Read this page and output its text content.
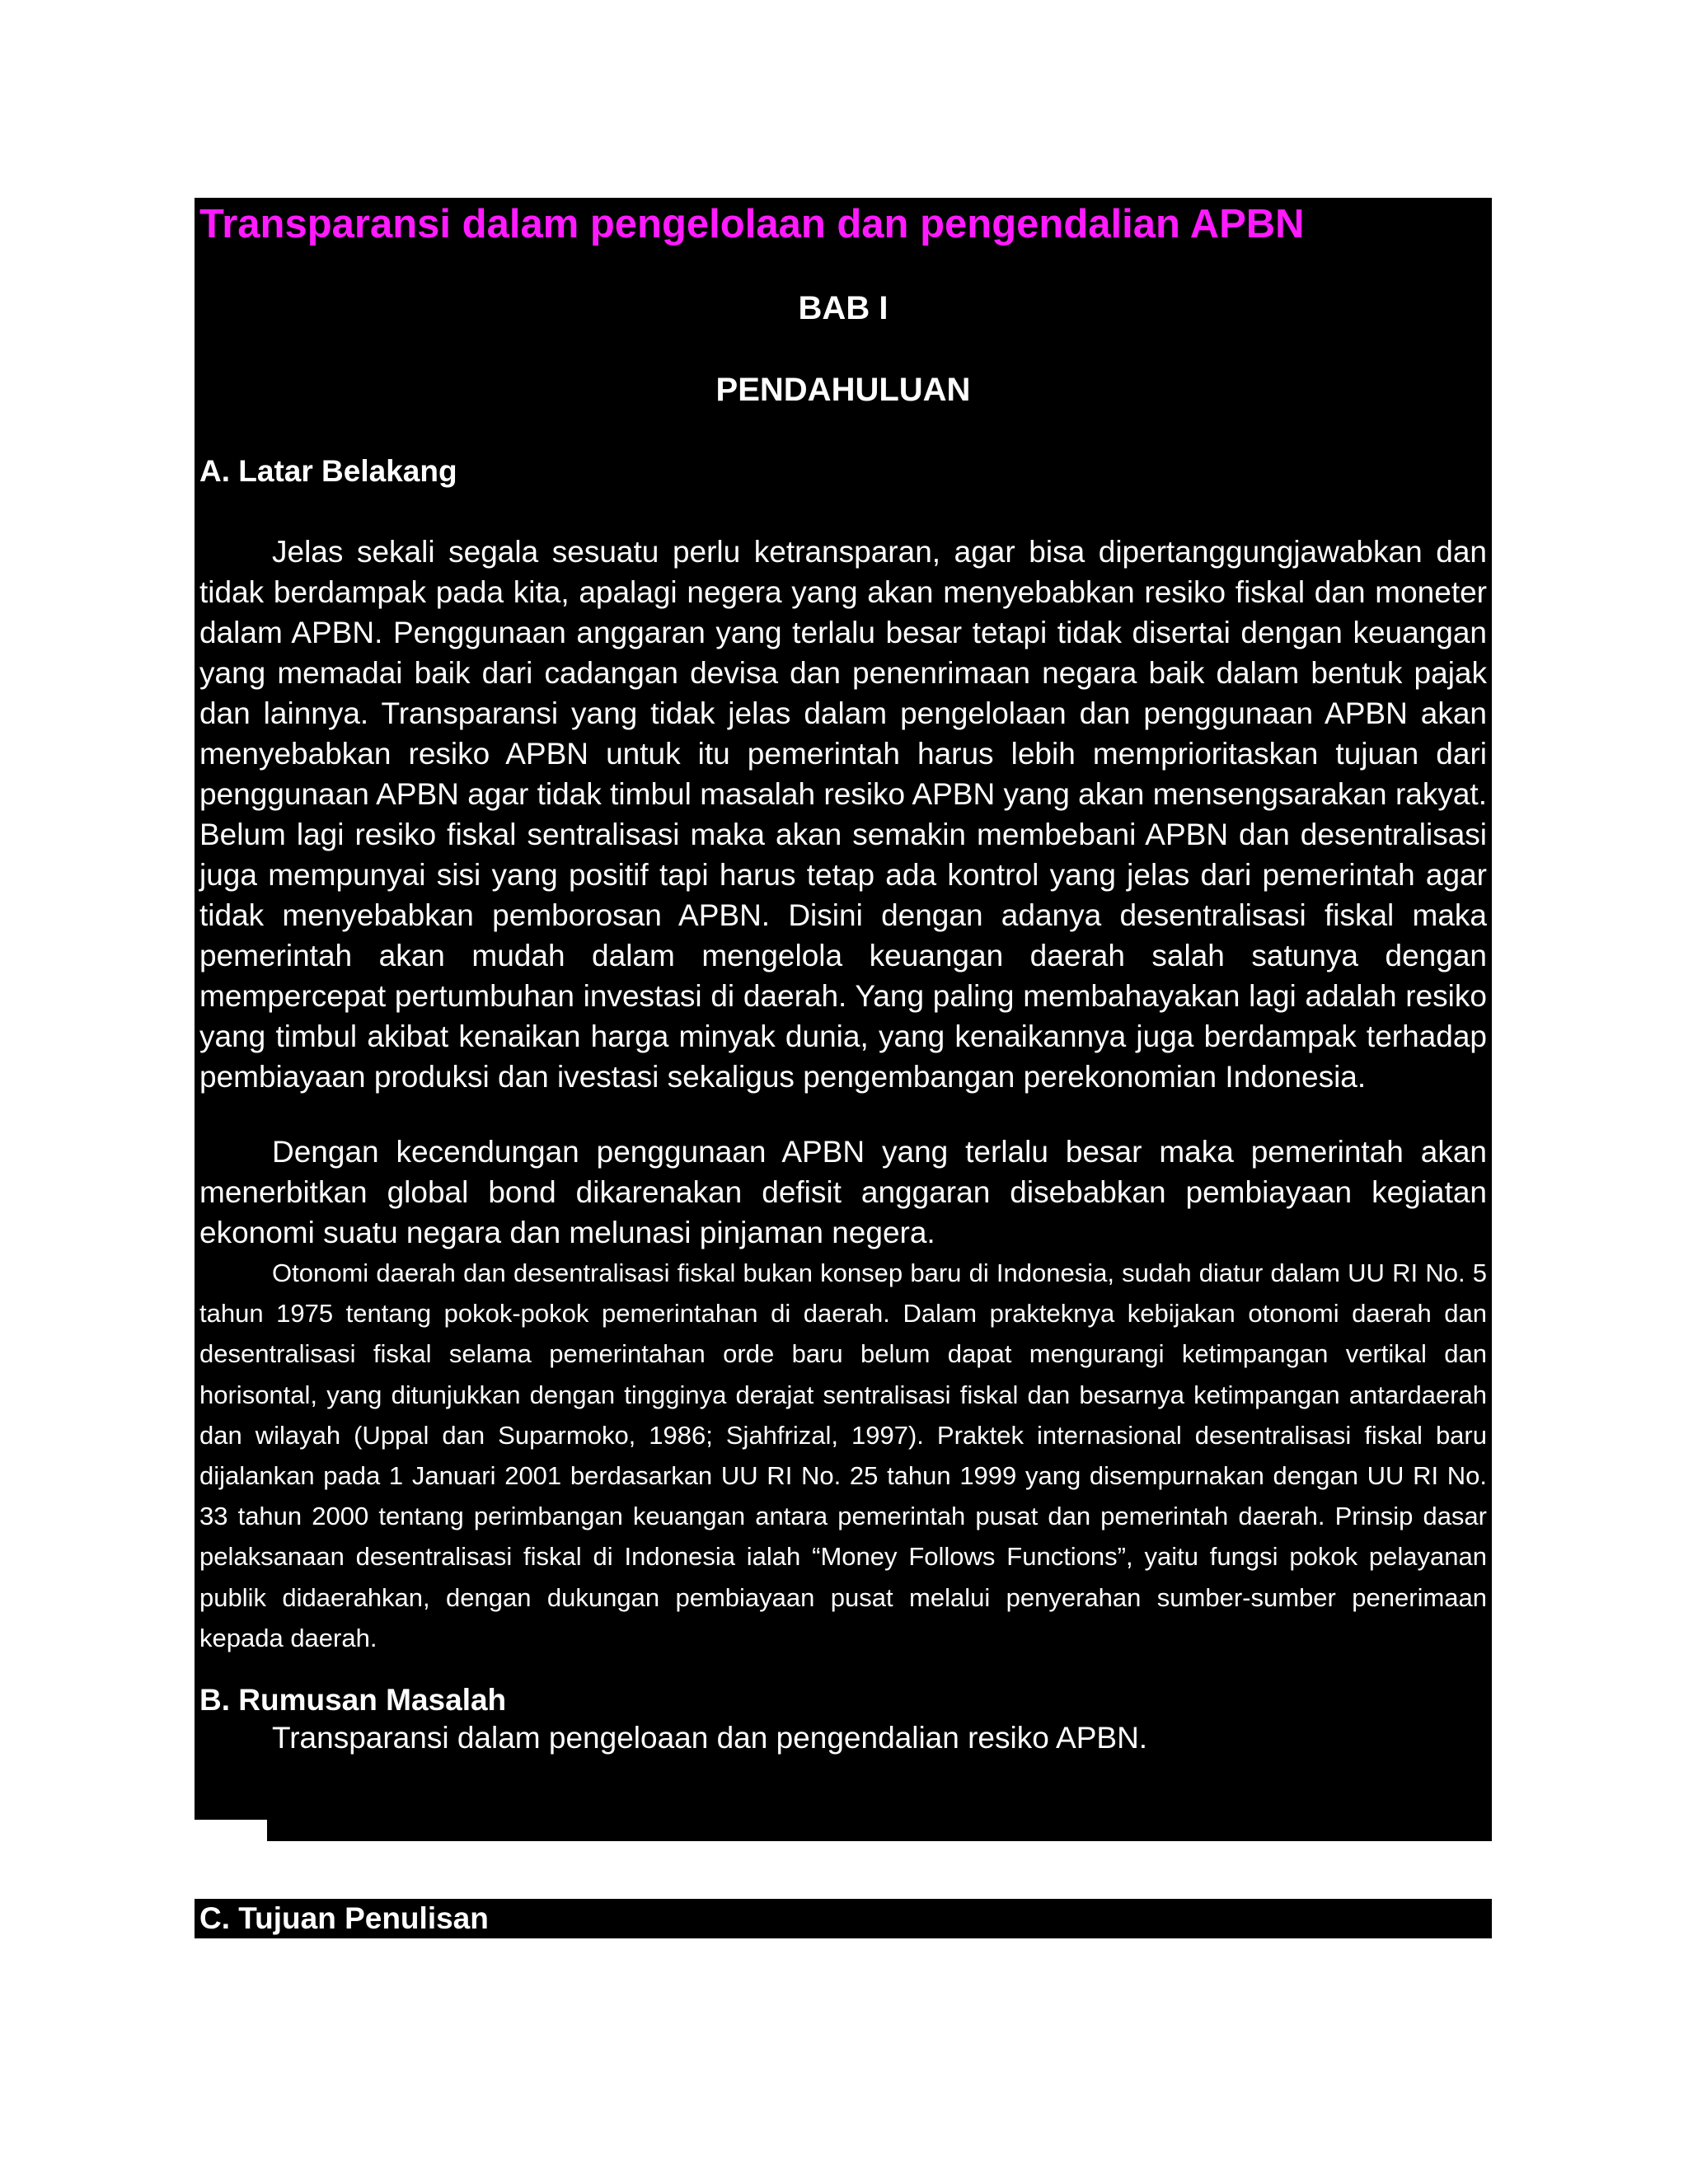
Transparansi dalam pengelolaan dan pengendalian APBN

BAB I

PENDAHULUAN

A. Latar Belakang

Jelas sekali segala sesuatu perlu ketransparan, agar bisa dipertanggungjawabkan dan tidak berdampak pada kita, apalagi negera yang akan menyebabkan resiko fiskal dan moneter dalam APBN. Penggunaan anggaran yang terlalu besar tetapi tidak disertai dengan keuangan yang memadai baik dari cadangan devisa dan penenrimaan negara baik dalam bentuk pajak dan lainnya. Transparansi yang tidak jelas dalam pengelolaan dan penggunaan APBN akan menyebabkan resiko APBN untuk itu pemerintah harus lebih memprioritaskan tujuan dari penggunaan APBN agar tidak timbul masalah resiko APBN yang akan mensengsarakan rakyat. Belum lagi resiko fiskal sentralisasi maka akan semakin membebani APBN dan desentralisasi juga mempunyai sisi yang positif tapi harus tetap ada kontrol yang jelas dari pemerintah agar tidak menyebabkan pemborosan APBN. Disini dengan adanya desentralisasi fiskal maka pemerintah akan mudah dalam mengelola keuangan daerah salah satunya dengan mempercepat pertumbuhan investasi di daerah. Yang paling membahayakan lagi adalah resiko yang timbul akibat kenaikan harga minyak dunia, yang kenaikannya juga berdampak terhadap pembiayaan produksi dan ivestasi sekaligus pengembangan perekonomian Indonesia.

Dengan kecendungan penggunaan APBN yang terlalu besar maka pemerintah akan menerbitkan global bond dikarenakan defisit anggaran disebabkan pembiayaan kegiatan ekonomi suatu negara dan melunasi pinjaman negera.

Otonomi daerah dan desentralisasi fiskal bukan konsep baru di Indonesia, sudah diatur dalam UU RI No. 5 tahun 1975 tentang pokok-pokok pemerintahan di daerah. Dalam prakteknya kebijakan otonomi daerah dan desentralisasi fiskal selama pemerintahan orde baru belum dapat mengurangi ketimpangan vertikal dan horisontal, yang ditunjukkan dengan tingginya derajat sentralisasi fiskal dan besarnya ketimpangan antardaerah dan wilayah (Uppal dan Suparmoko, 1986; Sjahfrizal, 1997). Praktek internasional desentralisasi fiskal baru dijalankan pada 1 Januari 2001 berdasarkan UU RI No. 25 tahun 1999 yang disempurnakan dengan UU RI No. 33 tahun 2000 tentang perimbangan keuangan antara pemerintah pusat dan pemerintah daerah. Prinsip dasar pelaksanaan desentralisasi fiskal di Indonesia ialah “Money Follows Functions”, yaitu fungsi pokok pelayanan publik didaerahkan, dengan dukungan pembiayaan pusat melalui penyerahan sumber-sumber penerimaan kepada daerah.

B. Rumusan Masalah

Transparansi dalam pengeloaan dan pengendalian resiko APBN.

C. Tujuan Penulisan
